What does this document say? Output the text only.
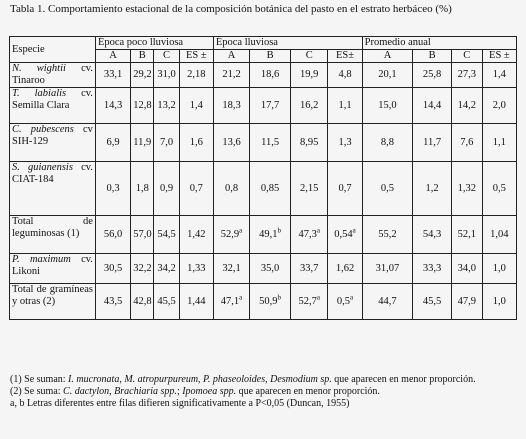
Tabla 1. Comportamiento estacional de la composición botánica del pasto en el estrato herbáceo (%)
Especie	Época poco lluviosa				Época lluviosa				Promedio anual			
	A	B	C	ES ±	A	B	C	ES±	A	B	C	ES ±
N. wightii cv. Tinaroo	33,1	29,2	31,0	2,18	21,2	18,6	19,9	4,8	20,1	25,8	27,3	1,4
T. labialis cv. Semilla Clara	14,3	12,8	13,2	1,4	18,3	17,7	16,2	1,1	15,0	14,4	14,2	2,0
C. pubescens cv SIH-129	6,9	11,9	7,0	1,6	13,6	11,5	8,95	1,3	8,8	11,7	7,6	1,1
S. guianensis cv. CIAT-184	0,3	1,8	0,9	0,7	0,8	0,85	2,15	0,7	0,5	1,2	1,32	0,5
Total de leguminosas (1)	56,0	57,0	54,5	1,42	52,9$^a$	49,1$^b$	47,3$^a$	0,54$^a$	55,2	54,3	52,1	1,04
P. maximum cv. Likoni	30,5	32,2	34,2	1,33	32,1	35,0	33,7	1,62	31,07	33,3	34,0	1,0
Total de gramíneas y otras (2)	43,5	42,8	45,5	1,44	47,1$^a$	50,9$^b$	52,7$^a$	0,5$^a$	44,7	45,5	47,9	1,0

(1) Se suman: I. mucronata, M. atropurpureum, P. phaseoloides, Desmodium sp. que aparecen en menor proporción.

(2) Se suma: C. dactylon, Brachiaria spp.; Ipomoea spp. que aparecen en menor proporción.

a, b Letras diferentes entre filas difieren significativamente a P<0,05 (Duncan, 1955)
